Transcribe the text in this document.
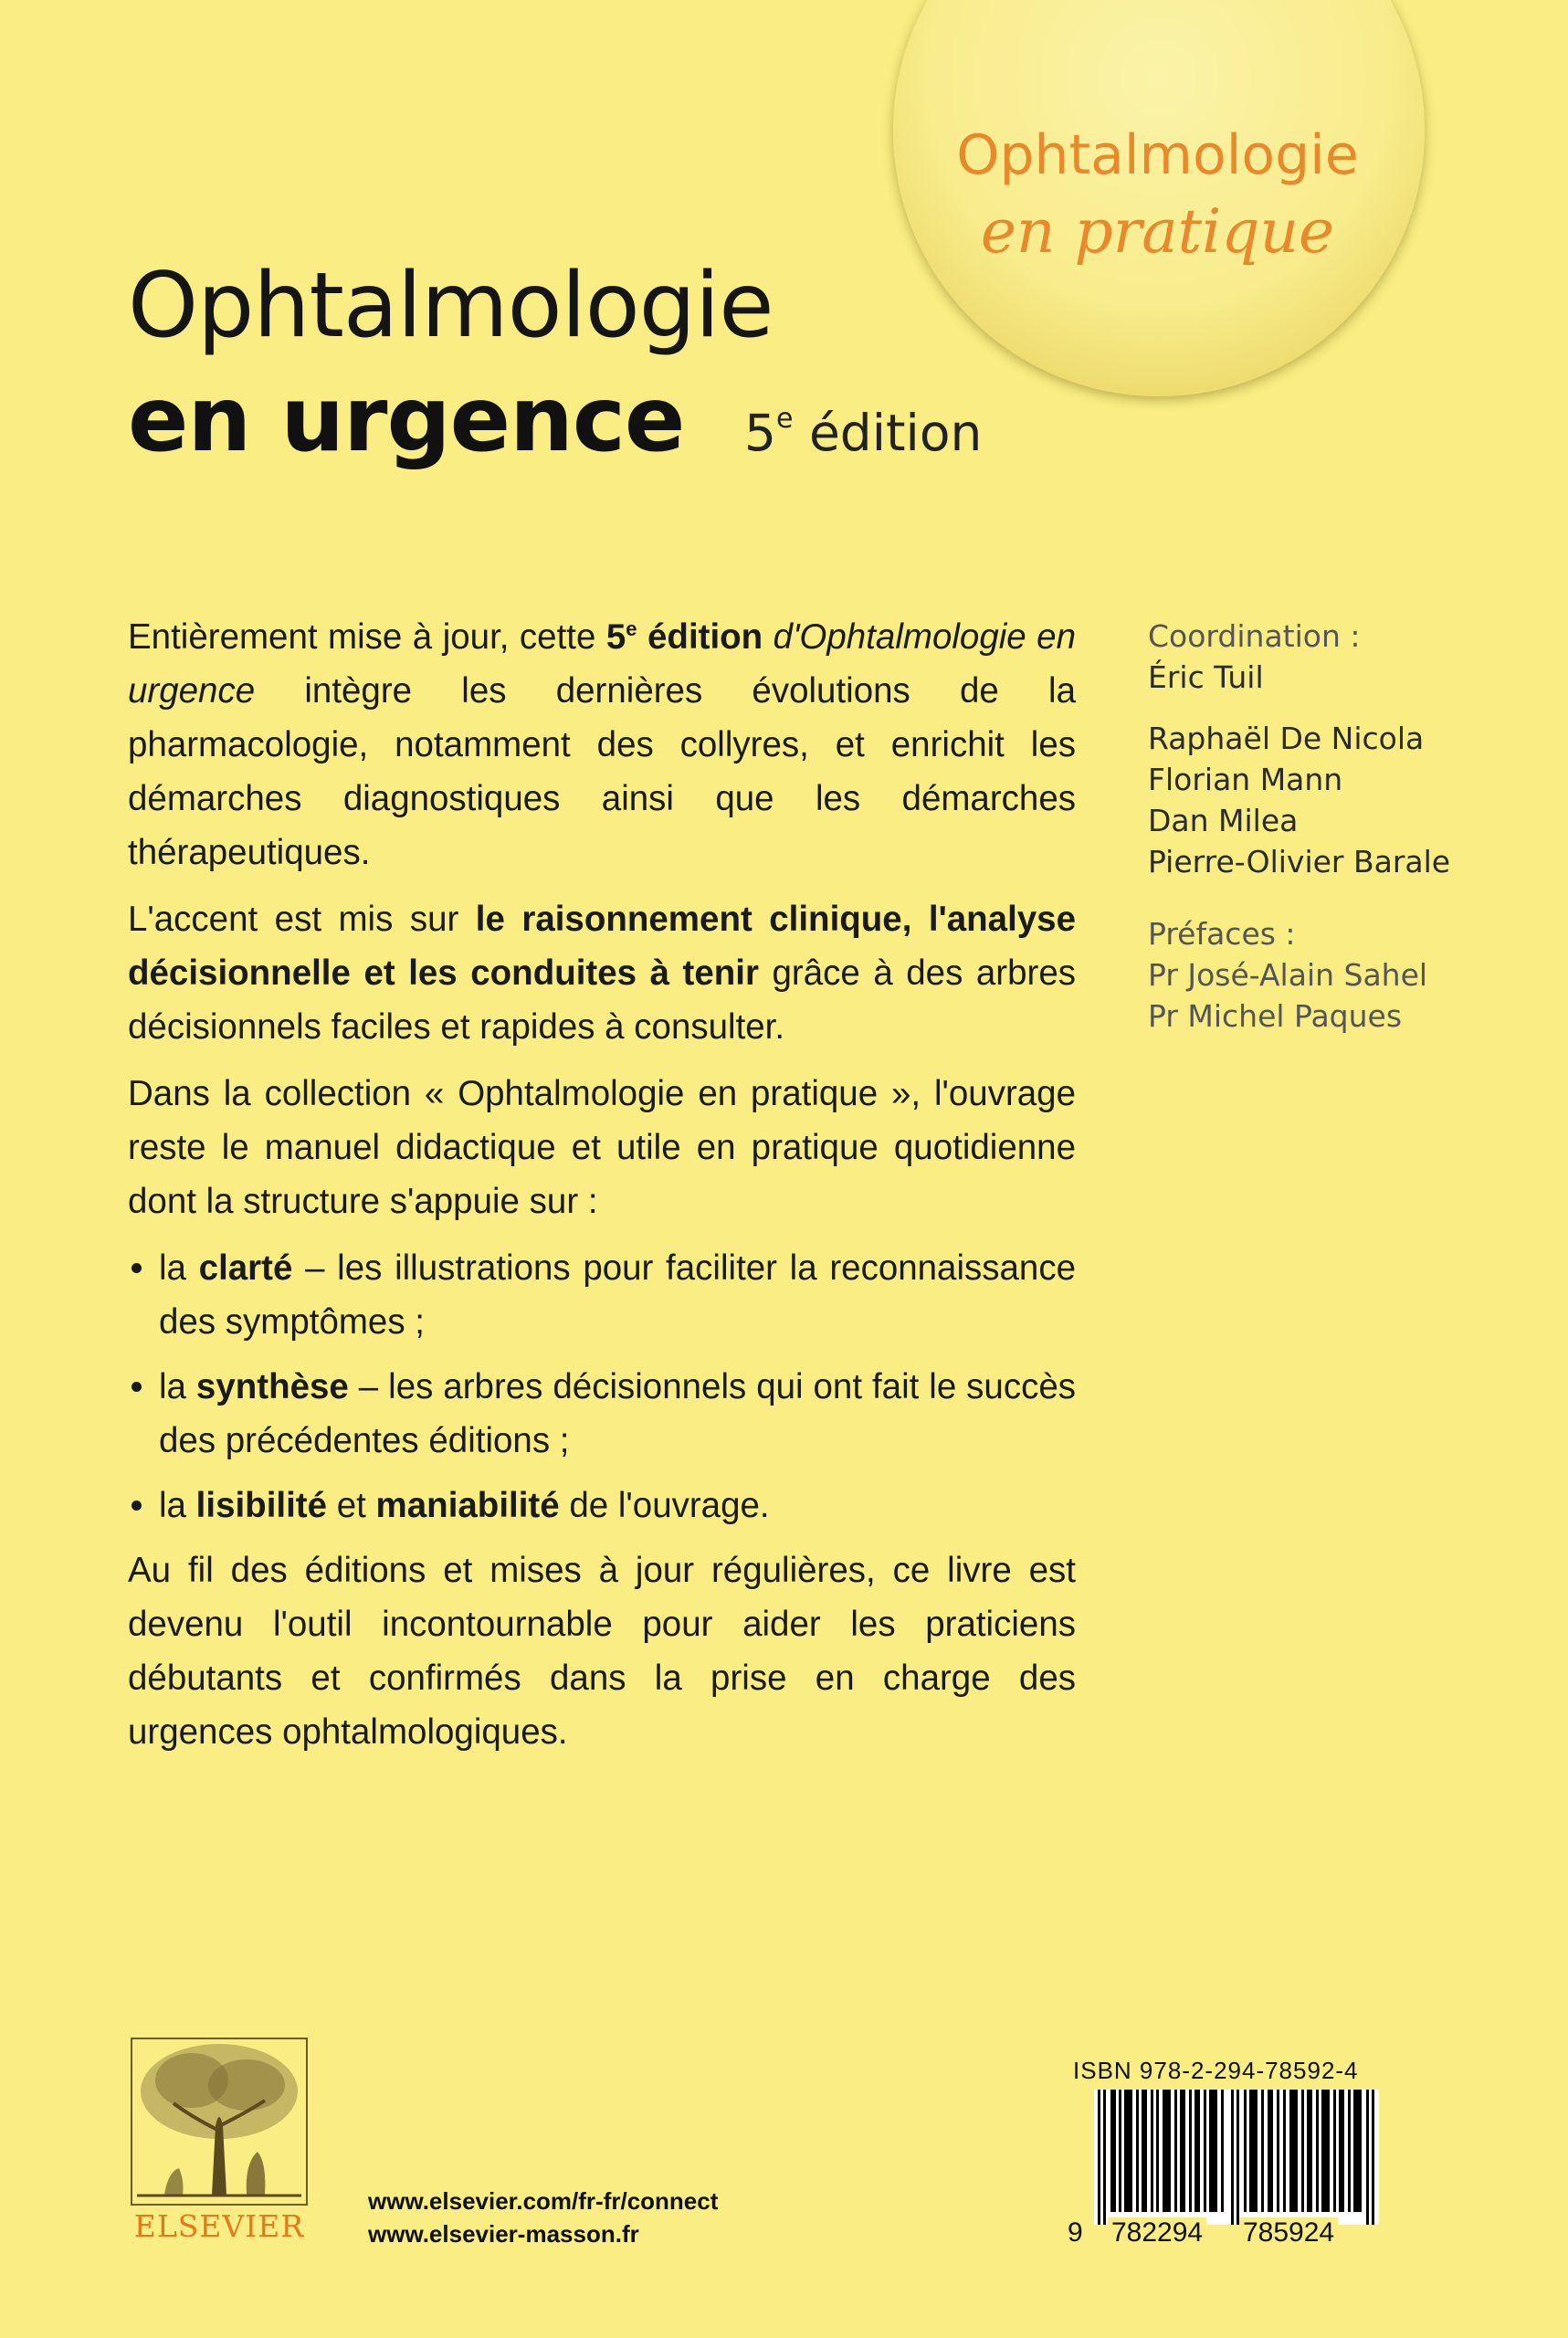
Ophtalmologie
en pratique
Ophtalmologie
en urgence 5e édition

Entièrement mise à jour, cette 5e édition d'Ophtalmologie en urgence intègre les dernières évolutions de la pharmacologie, notamment des collyres, et enrichit les démarches diagnostiques ainsi que les démarches thérapeutiques.

L'accent est mis sur le raisonnement clinique, l'analyse décisionnelle et les conduites à tenir grâce à des arbres décisionnels faciles et rapides à consulter.

Dans la collection « Ophtalmologie en pratique », l'ouvrage reste le manuel didactique et utile en pratique quotidienne dont la structure s'appuie sur :

la clarté – les illustrations pour faciliter la reconnaissance des symptômes ;
la synthèse – les arbres décisionnels qui ont fait le succès des précédentes éditions ;
la lisibilité et maniabilité de l'ouvrage.

Au fil des éditions et mises à jour régulières, ce livre est devenu l'outil incontournable pour aider les praticiens débutants et confirmés dans la prise en charge des urgences ophtalmologiques.

Coordination :
Éric Tuil
Raphaël De Nicola
Florian Mann
Dan Milea
Pierre-Olivier Barale
Préfaces :
Pr José-Alain Sahel
Pr Michel Paques
ELSEVIER
www.elsevier.com/fr-fr/connect
www.elsevier-masson.fr
ISBN 978-2-294-78592-4
9 782294 785924
